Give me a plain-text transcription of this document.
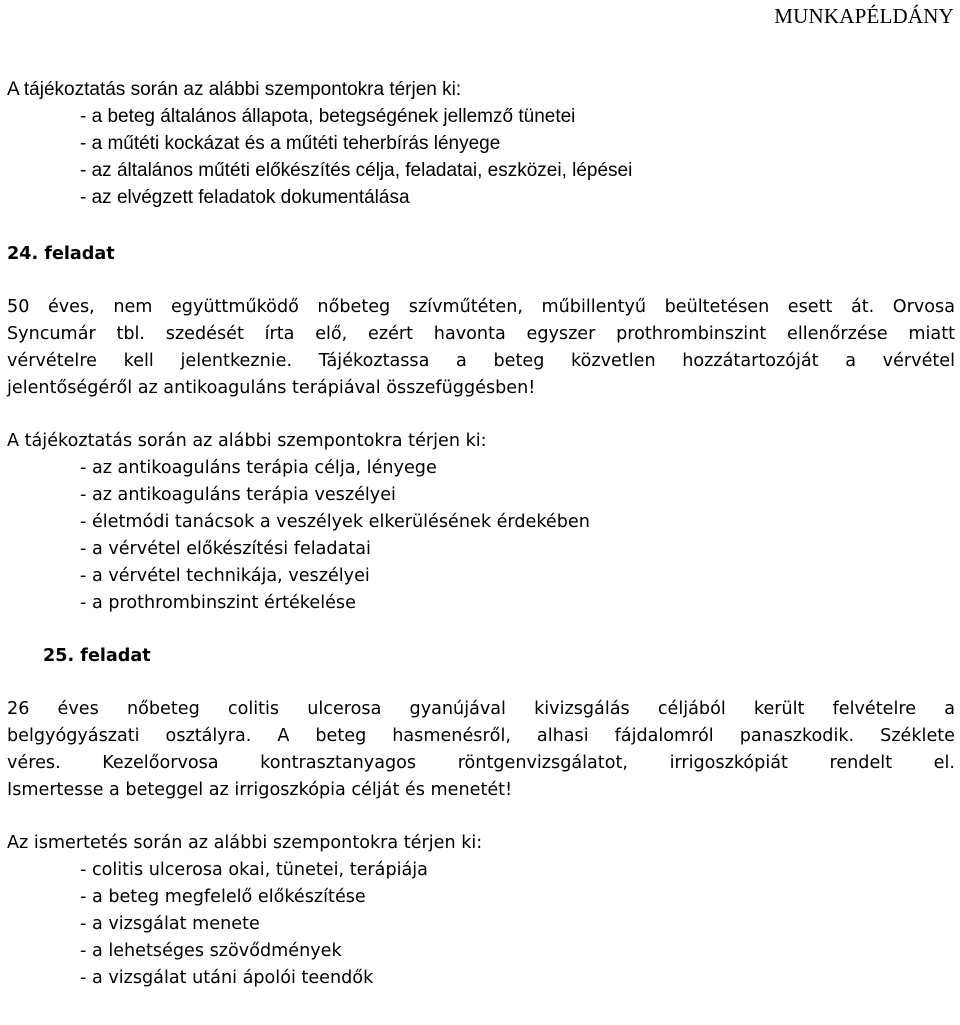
MUNKAPÉLDÁNY
A tájékoztatás során az alábbi szempontokra térjen ki:
- a beteg általános állapota, betegségének jellemző tünetei
- a műtéti kockázat és a műtéti teherbírás lényege
- az általános műtéti előkészítés célja, feladatai, eszközei, lépései
- az elvégzett feladatok dokumentálása
24. feladat
50 éves, nem együttműködő nőbeteg szívműtéten, műbillentyű beültetésen esett át. Orvosa
Syncumár tbl. szedését írta elő, ezért havonta egyszer prothrombinszint ellenőrzése miatt
vérvételre kell jelentkeznie. Tájékoztassa a beteg közvetlen hozzátartozóját a vérvétel
jelentőségéről az antikoaguláns terápiával összefüggésben!
A tájékoztatás során az alábbi szempontokra térjen ki:
- az antikoaguláns terápia célja, lényege
- az antikoaguláns terápia veszélyei
- életmódi tanácsok a veszélyek elkerülésének érdekében
- a vérvétel előkészítési feladatai
- a vérvétel technikája, veszélyei
- a prothrombinszint értékelése
25. feladat
26 éves nőbeteg colitis ulcerosa gyanújával kivizsgálás céljából került felvételre a
belgyógyászati osztályra. A beteg hasmenésről, alhasi fájdalomról panaszkodik. Széklete
véres. Kezelőorvosa kontrasztanyagos röntgenvizsgálatot, irrigoszkópiát rendelt el.
Ismertesse a beteggel az irrigoszkópia célját és menetét!
Az ismertetés során az alábbi szempontokra térjen ki:
- colitis ulcerosa okai, tünetei, terápiája
- a beteg megfelelő előkészítése
- a vizsgálat menete
- a lehetséges szövődmények
- a vizsgálat utáni ápolói teendők
